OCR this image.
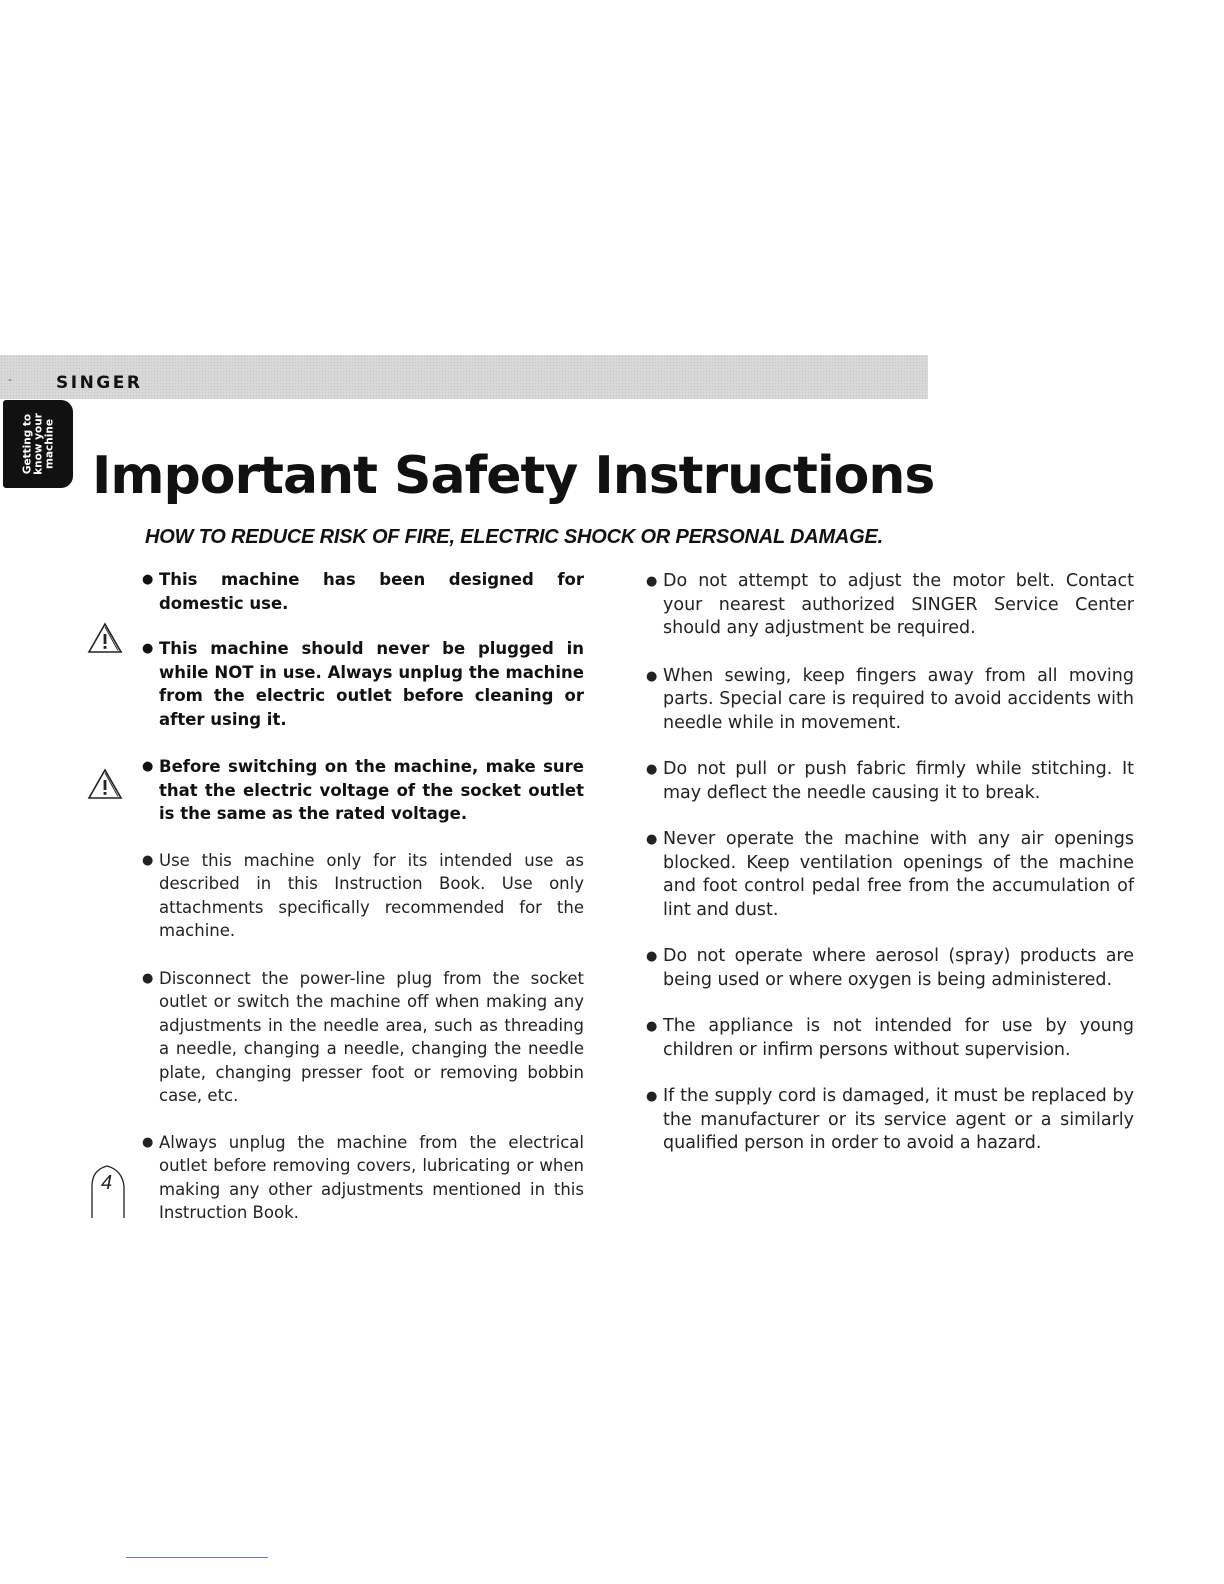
-	SINGER
Getting to know your machine
Important Safety Instructions
HOW TO REDUCE RISK OF FIRE, ELECTRIC SHOCK OR PERSONAL DAMAGE.

● This machine has been designed for domestic use.

● This machine should never be plugged in while NOT in use. Always unplug the machine from the electric outlet before cleaning or after using it.

● Before switching on the machine, make sure that the electric voltage of the socket outlet is the same as the rated voltage.

● Use this machine only for its intended use as described in this Instruction Book. Use only attachments specifically recommended for the machine.

● Disconnect the power-line plug from the socket outlet or switch the machine off when making any adjustments in the needle area, such as threading a needle, changing a needle, changing the needle plate, changing presser foot or removing bobbin case, etc.

● Always unplug the machine from the electrical outlet before removing covers, lubricating or when making any other adjustments mentioned in this Instruction Book.

● Do not attempt to adjust the motor belt. Contact your nearest authorized SINGER Service Center should any adjustment be required.

● When sewing, keep fingers away from all moving parts. Special care is required to avoid accidents with needle while in movement.

● Do not pull or push fabric firmly while stitching. It may deflect the needle causing it to break.

● Never operate the machine with any air openings blocked. Keep ventilation openings of the machine and foot control pedal free from the accumulation of lint and dust.

● Do not operate where aerosol (spray) products are being used or where oxygen is being administered.

● The appliance is not intended for use by young children or infirm persons without supervision.

● If the supply cord is damaged, it must be replaced by the manufacturer or its service agent or a similarly qualified person in order to avoid a hazard.

4
